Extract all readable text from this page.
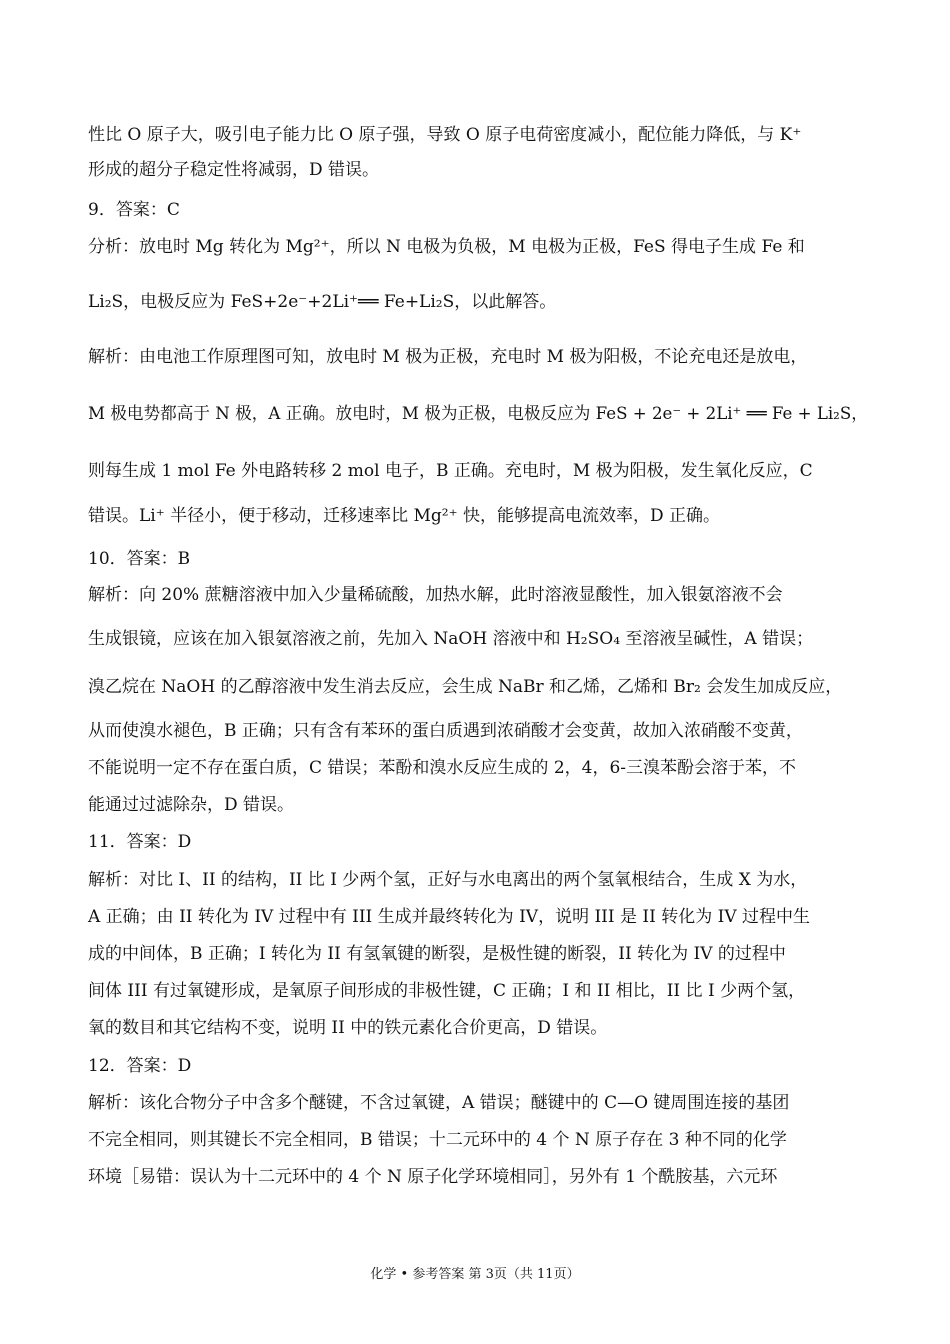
性比 O 原子大，吸引电子能力比 O 原子强，导致 O 原子电荷密度减小，配位能力降低，与 K⁺
形成的超分子稳定性将减弱，D 错误。
9．答案：C
分析：放电时 Mg 转化为 Mg²⁺，所以 N 电极为负极，M 电极为正极，FeS 得电子生成 Fe 和
Li₂S，电极反应为 FeS+2e⁻+2Li⁺══ Fe+Li₂S，以此解答。
解析：由电池工作原理图可知，放电时 M 极为正极，充电时 M 极为阳极，不论充电还是放电，
M 极电势都高于 N 极，A 正确。放电时，M 极为正极，电极反应为 FeS + 2e⁻ + 2Li⁺ ══ Fe + Li₂S，
则每生成 1 mol Fe 外电路转移 2 mol 电子，B 正确。充电时，M 极为阳极，发生氧化反应，C
错误。Li⁺ 半径小，便于移动，迁移速率比 Mg²⁺ 快，能够提高电流效率，D 正确。
10．答案：B
解析：向 20% 蔗糖溶液中加入少量稀硫酸，加热水解，此时溶液显酸性，加入银氨溶液不会
生成银镜，应该在加入银氨溶液之前，先加入 NaOH 溶液中和 H₂SO₄ 至溶液呈碱性，A 错误；
溴乙烷在 NaOH 的乙醇溶液中发生消去反应，会生成 NaBr 和乙烯，乙烯和 Br₂ 会发生加成反应，
从而使溴水褪色，B 正确；只有含有苯环的蛋白质遇到浓硝酸才会变黄，故加入浓硝酸不变黄，
不能说明一定不存在蛋白质，C 错误；苯酚和溴水反应生成的 2，4，6-三溴苯酚会溶于苯，不
能通过过滤除杂，D 错误。
11．答案：D
解析：对比 I、II 的结构，II 比 I 少两个氢，正好与水电离出的两个氢氧根结合，生成 X 为水，
A 正确；由 II 转化为 IV 过程中有 III 生成并最终转化为 IV，说明 III 是 II 转化为 IV 过程中生
成的中间体，B 正确；I 转化为 II 有氢氧键的断裂，是极性键的断裂，II 转化为 IV 的过程中
间体 III 有过氧键形成，是氧原子间形成的非极性键，C 正确；I 和 II 相比，II 比 I 少两个氢，
氧的数目和其它结构不变，说明 II 中的铁元素化合价更高，D 错误。
12．答案：D
解析：该化合物分子中含多个醚键，不含过氧键，A 错误；醚键中的 C—O 键周围连接的基团
不完全相同，则其键长不完全相同，B 错误；十二元环中的 4 个 N 原子存在 3 种不同的化学
环境［易错：误认为十二元环中的 4 个 N 原子化学环境相同］，另外有 1 个酰胺基，六元环
化学 • 参考答案 第 3页（共 11页）
